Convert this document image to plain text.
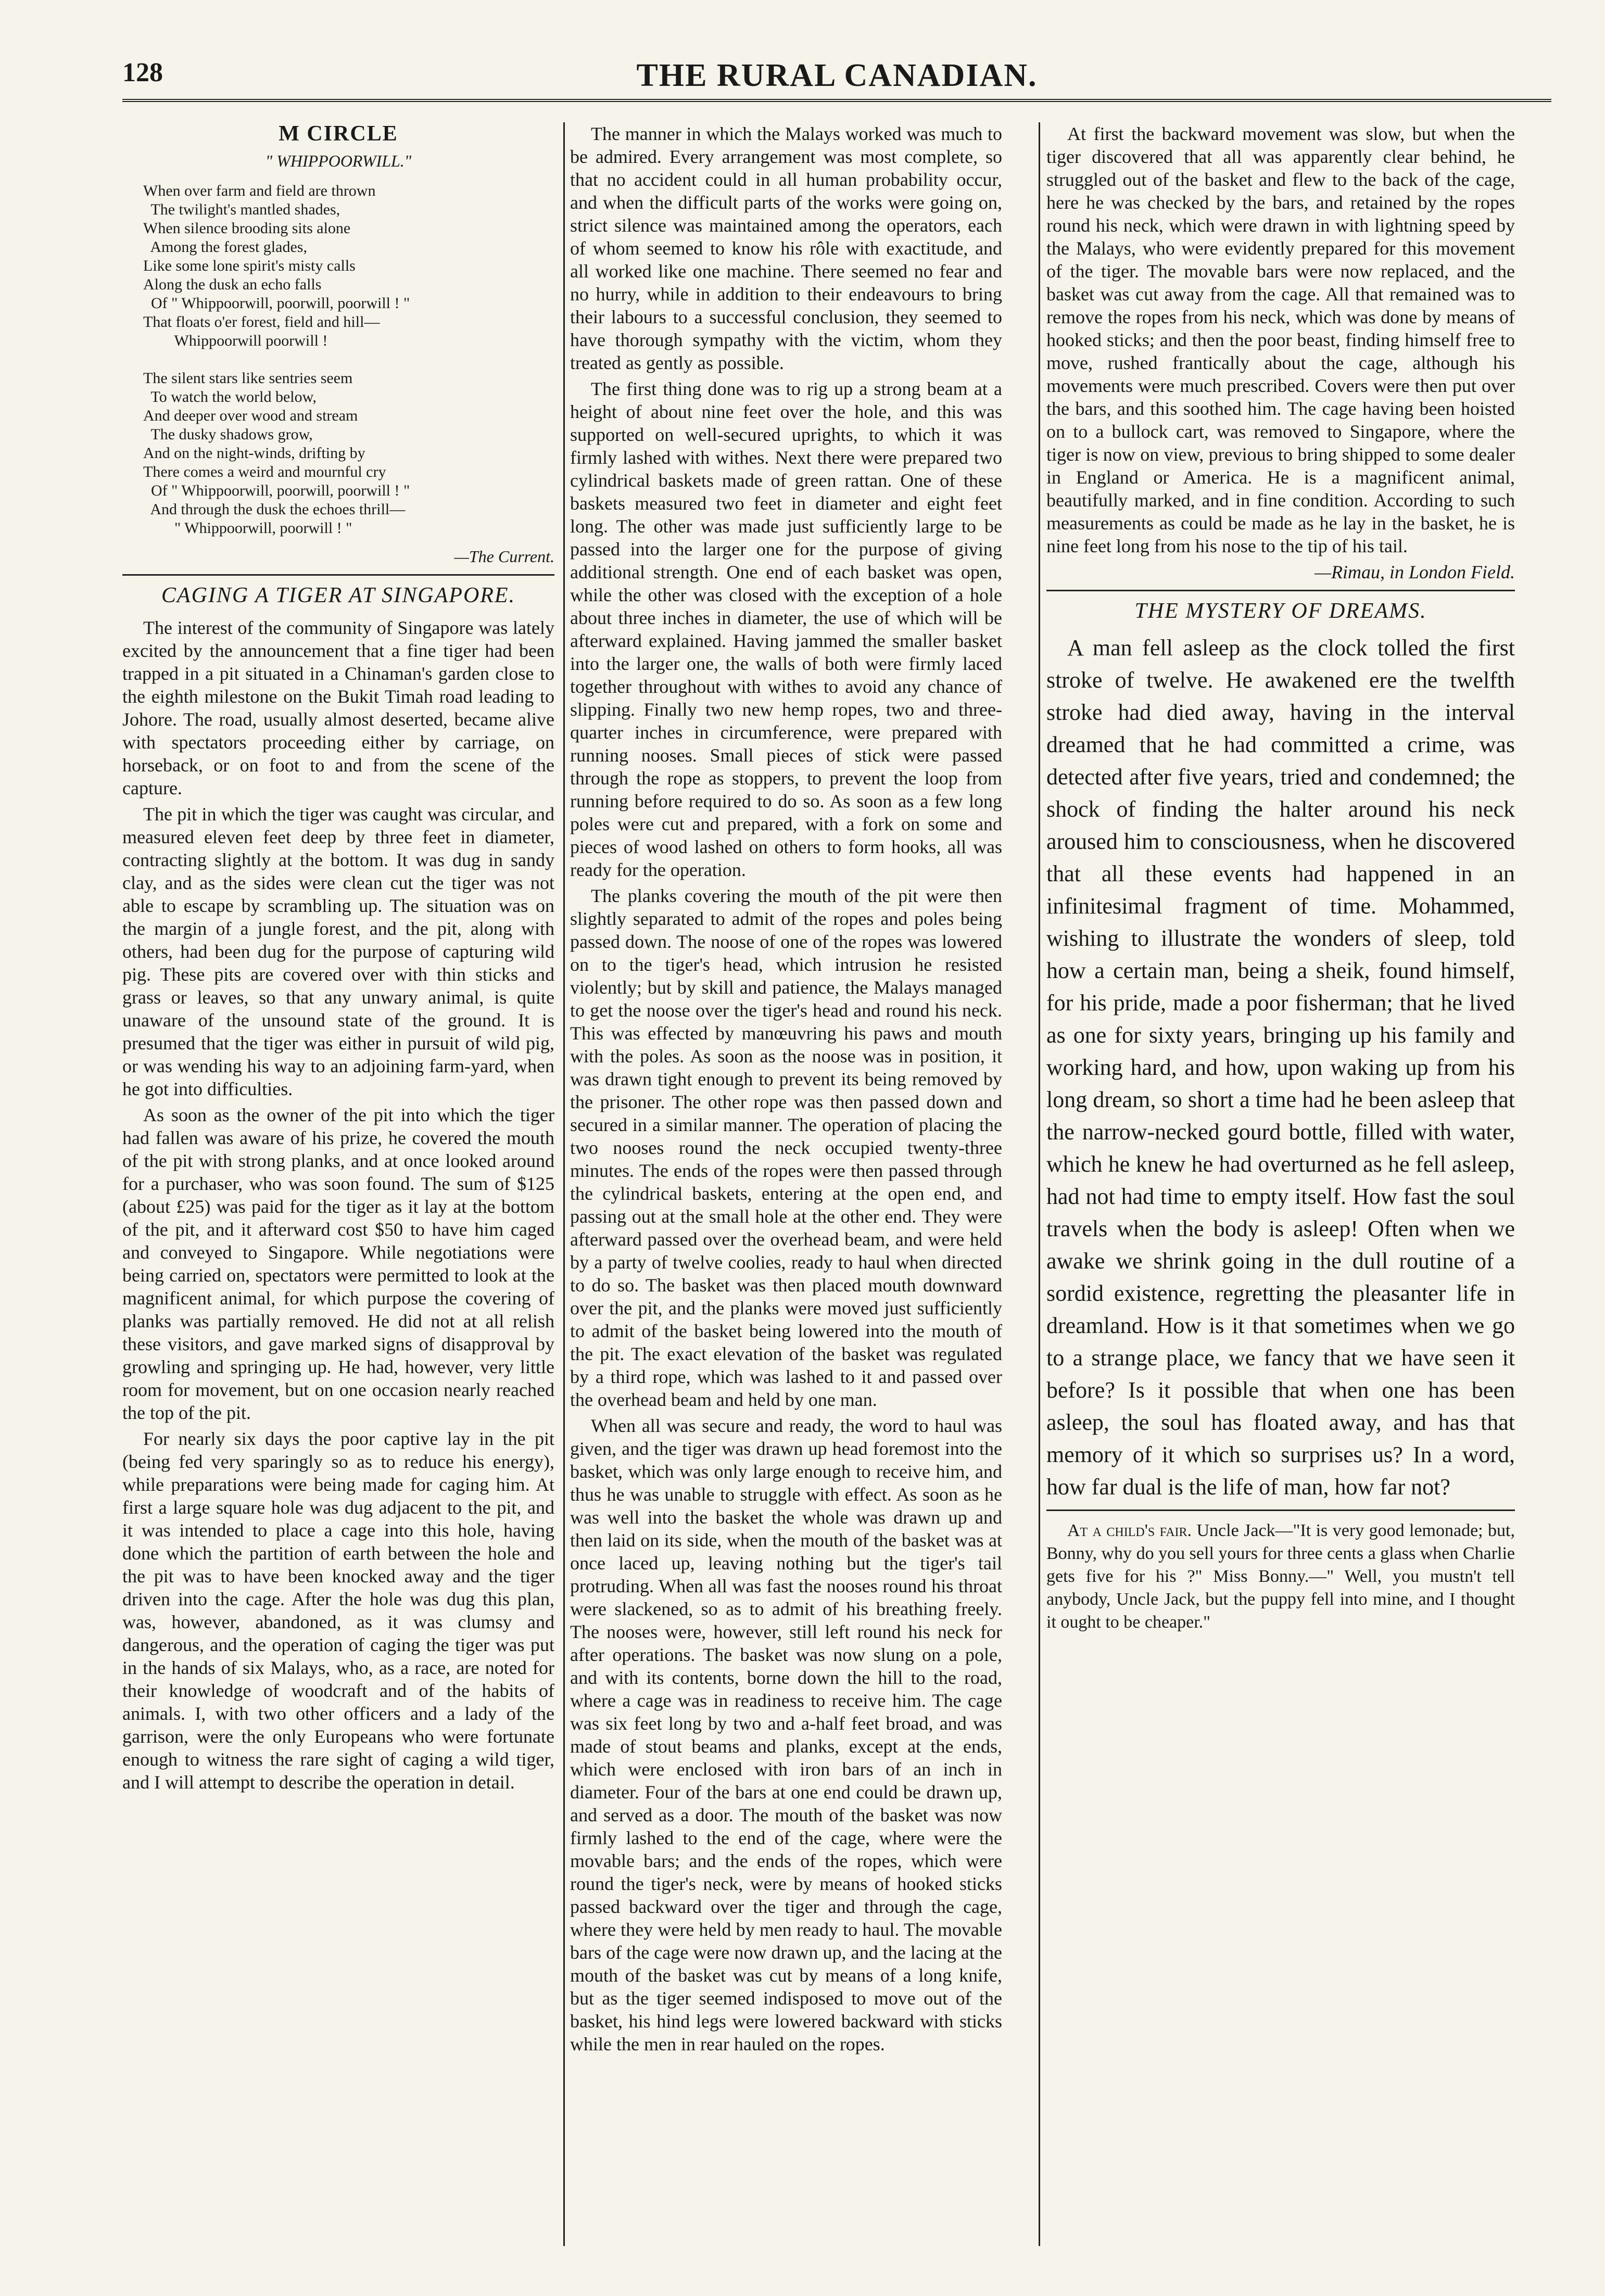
128	THE RURAL CANADIAN.
M CIRCLE
" WHIPPOORWILL."
When over farm and field are thrown
The twilight's mantled shades,
When silence brooding sits alone
Among the forest glades,
Like some lone spirit's misty calls
Along the dusk an echo falls
Of " Whippoorwill, poorwill, poorwill ! "
That floats o'er forest, field and hill—
Whippoorwill poorwill !

The silent stars like sentries seem
To watch the world below,
And deeper over wood and stream
The dusky shadows grow,
And on the night-winds, drifting by
There comes a weird and mournful cry
Of " Whippoorwill, poorwill, poorwill ! "
And through the dusk the echoes thrill—
" Whippoorwill, poorwill ! "
—The Current.
CAGING A TIGER AT SINGAPORE.

The interest of the community of Singapore was lately excited by the announcement that a fine tiger had been trapped in a pit situated in a Chinaman's garden close to the eighth milestone on the Bukit Timah road leading to Johore. The road, usually almost deserted, became alive with spectators proceeding either by carriage, on horseback, or on foot to and from the scene of the capture.

The pit in which the tiger was caught was circular, and measured eleven feet deep by three feet in diameter, contracting slightly at the bottom. It was dug in sandy clay, and as the sides were clean cut the tiger was not able to escape by scrambling up. The situation was on the margin of a jungle forest, and the pit, along with others, had been dug for the purpose of capturing wild pig. These pits are covered over with thin sticks and grass or leaves, so that any unwary animal, is quite unaware of the unsound state of the ground. It is presumed that the tiger was either in pursuit of wild pig, or was wending his way to an adjoining farm-yard, when he got into difficulties.

As soon as the owner of the pit into which the tiger had fallen was aware of his prize, he covered the mouth of the pit with strong planks, and at once looked around for a purchaser, who was soon found. The sum of $125 (about £25) was paid for the tiger as it lay at the bottom of the pit, and it afterward cost $50 to have him caged and conveyed to Singapore. While negotiations were being carried on, spectators were permitted to look at the magnificent animal, for which purpose the covering of planks was partially removed. He did not at all relish these visitors, and gave marked signs of disapproval by growling and springing up. He had, however, very little room for movement, but on one occasion nearly reached the top of the pit.

For nearly six days the poor captive lay in the pit (being fed very sparingly so as to reduce his energy), while preparations were being made for caging him. At first a large square hole was dug adjacent to the pit, and it was intended to place a cage into this hole, having done which the partition of earth between the hole and the pit was to have been knocked away and the tiger driven into the cage. After the hole was dug this plan, was, however, abandoned, as it was clumsy and dangerous, and the operation of caging the tiger was put in the hands of six Malays, who, as a race, are noted for their knowledge of woodcraft and of the habits of animals. I, with two other officers and a lady of the garrison, were the only Europeans who were fortunate enough to witness the rare sight of caging a wild tiger, and I will attempt to describe the operation in detail.

The manner in which the Malays worked was much to be admired. Every arrangement was most complete, so that no accident could in all human probability occur, and when the difficult parts of the works were going on, strict silence was maintained among the operators, each of whom seemed to know his rôle with exactitude, and all worked like one machine. There seemed no fear and no hurry, while in addition to their endeavours to bring their labours to a successful conclusion, they seemed to have thorough sympathy with the victim, whom they treated as gently as possible.

The first thing done was to rig up a strong beam at a height of about nine feet over the hole, and this was supported on well-secured uprights, to which it was firmly lashed with withes. Next there were prepared two cylindrical baskets made of green rattan. One of these baskets measured two feet in diameter and eight feet long. The other was made just sufficiently large to be passed into the larger one for the purpose of giving additional strength. One end of each basket was open, while the other was closed with the exception of a hole about three inches in diameter, the use of which will be afterward explained. Having jammed the smaller basket into the larger one, the walls of both were firmly laced together throughout with withes to avoid any chance of slipping. Finally two new hemp ropes, two and three-quarter inches in circumference, were prepared with running nooses. Small pieces of stick were passed through the rope as stoppers, to prevent the loop from running before required to do so. As soon as a few long poles were cut and prepared, with a fork on some and pieces of wood lashed on others to form hooks, all was ready for the operation.

The planks covering the mouth of the pit were then slightly separated to admit of the ropes and poles being passed down. The noose of one of the ropes was lowered on to the tiger's head, which intrusion he resisted violently; but by skill and patience, the Malays managed to get the noose over the tiger's head and round his neck. This was effected by manœuvring his paws and mouth with the poles. As soon as the noose was in position, it was drawn tight enough to prevent its being removed by the prisoner. The other rope was then passed down and secured in a similar manner. The operation of placing the two nooses round the neck occupied twenty-three minutes. The ends of the ropes were then passed through the cylindrical baskets, entering at the open end, and passing out at the small hole at the other end. They were afterward passed over the overhead beam, and were held by a party of twelve coolies, ready to haul when directed to do so. The basket was then placed mouth downward over the pit, and the planks were moved just sufficiently to admit of the basket being lowered into the mouth of the pit. The exact elevation of the basket was regulated by a third rope, which was lashed to it and passed over the overhead beam and held by one man.

When all was secure and ready, the word to haul was given, and the tiger was drawn up head foremost into the basket, which was only large enough to receive him, and thus he was unable to struggle with effect. As soon as he was well into the basket the whole was drawn up and then laid on its side, when the mouth of the basket was at once laced up, leaving nothing but the tiger's tail protruding. When all was fast the nooses round his throat were slackened, so as to admit of his breathing freely. The nooses were, however, still left round his neck for after operations. The basket was now slung on a pole, and with its contents, borne down the hill to the road, where a cage was in readiness to receive him. The cage was six feet long by two and a-half feet broad, and was made of stout beams and planks, except at the ends, which were enclosed with iron bars of an inch in diameter. Four of the bars at one end could be drawn up, and served as a door. The mouth of the basket was now firmly lashed to the end of the cage, where were the movable bars; and the ends of the ropes, which were round the tiger's neck, were by means of hooked sticks passed backward over the tiger and through the cage, where they were held by men ready to haul. The movable bars of the cage were now drawn up, and the lacing at the mouth of the basket was cut by means of a long knife, but as the tiger seemed indisposed to move out of the basket, his hind legs were lowered backward with sticks while the men in rear hauled on the ropes.

At first the backward movement was slow, but when the tiger discovered that all was apparently clear behind, he struggled out of the basket and flew to the back of the cage, here he was checked by the bars, and retained by the ropes round his neck, which were drawn in with lightning speed by the Malays, who were evidently prepared for this movement of the tiger. The movable bars were now replaced, and the basket was cut away from the cage. All that remained was to remove the ropes from his neck, which was done by means of hooked sticks; and then the poor beast, finding himself free to move, rushed frantically about the cage, although his movements were much prescribed. Covers were then put over the bars, and this soothed him. The cage having been hoisted on to a bullock cart, was removed to Singapore, where the tiger is now on view, previous to bring shipped to some dealer in England or America. He is a magnificent animal, beautifully marked, and in fine condition. According to such measurements as could be made as he lay in the basket, he is nine feet long from his nose to the tip of his tail.

—Rimau, in London Field.

THE MYSTERY OF DREAMS.

A man fell asleep as the clock tolled the first stroke of twelve. He awakened ere the twelfth stroke had died away, having in the interval dreamed that he had committed a crime, was detected after five years, tried and condemned; the shock of finding the halter around his neck aroused him to consciousness, when he discovered that all these events had happened in an infinitesimal fragment of time. Mohammed, wishing to illustrate the wonders of sleep, told how a certain man, being a sheik, found himself, for his pride, made a poor fisherman; that he lived as one for sixty years, bringing up his family and working hard, and how, upon waking up from his long dream, so short a time had he been asleep that the narrow-necked gourd bottle, filled with water, which he knew he had overturned as he fell asleep, had not had time to empty itself. How fast the soul travels when the body is asleep! Often when we awake we shrink going in the dull routine of a sordid existence, regretting the pleasanter life in dreamland. How is it that sometimes when we go to a strange place, we fancy that we have seen it before? Is it possible that when one has been asleep, the soul has floated away, and has that memory of it which so surprises us? In a word, how far dual is the life of man, how far not?

At a child's fair. Uncle Jack—"It is very good lemonade; but, Bonny, why do you sell yours for three cents a glass when Charlie gets five for his ?" Miss Bonny.—" Well, you mustn't tell anybody, Uncle Jack, but the puppy fell into mine, and I thought it ought to be cheaper."
